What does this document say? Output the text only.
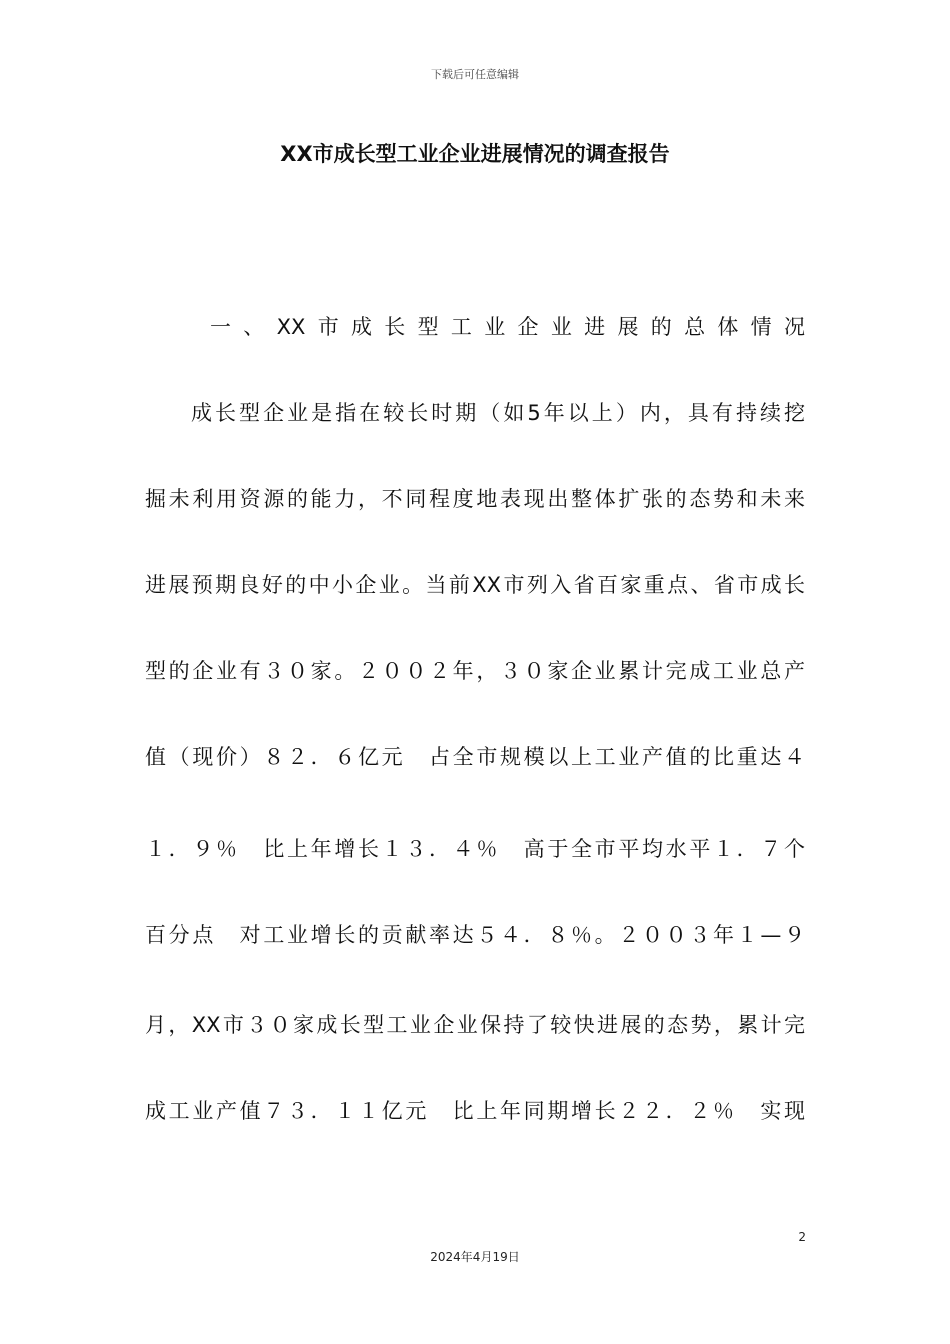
下载后可任意编辑
XX市成长型工业企业进展情况的调查报告
一、XX市成长型工业企业进展的总体情况
成长型企业是指在较长时期（如5年以上）内，具有持续挖
掘未利用资源的能力，不同程度地表现出整体扩张的态势和未来
进展预期良好的中小企业。当前XX市列入省百家重点、省市成长
型的企业有３０家。２００２年，３０家企业累计完成工业总产
值（现价）８２．６亿元　占全市规模以上工业产值的比重达４
１．９％　比上年增长１３．４％　高于全市平均水平１．７个
百分点　对工业增长的贡献率达５４．８％。２００３年１—９
月，XX市３０家成长型工业企业保持了较快进展的态势，累计完
成工业产值７３．１１亿元　比上年同期增长２２．２％　实现
2
2024年4月19日
